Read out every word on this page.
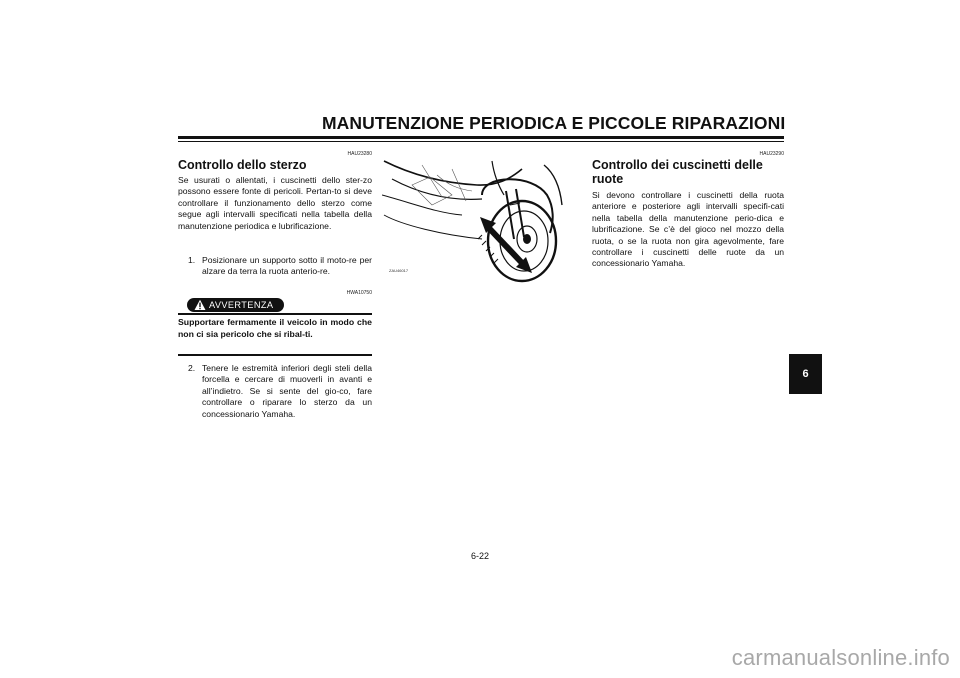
MANUTENZIONE PERIODICA E PICCOLE RIPARAZIONI
HAU23280
Controllo dello sterzo
Se usurati o allentati, i cuscinetti dello ster-zo possono essere fonte di pericoli. Pertan-to si deve controllare il funzionamento dello sterzo come segue agli intervalli specificati nella tabella della manutenzione periodica e lubrificazione.
1. Posizionare un supporto sotto il moto-re per alzare da terra la ruota anterio-re.
HWA10750
AVVERTENZA
Supportare fermamente il veicolo in modo che non ci sia pericolo che si ribal-ti.
2. Tenere le estremità inferiori degli steli della forcella e cercare di muoverli in avanti e all’indietro. Se si sente del gio-co, fare controllare o riparare lo sterzo da un concessionario Yamaha.
ZAU46017
HAU23290
Controllo dei cuscinetti delle ruote
Si devono controllare i cuscinetti della ruota anteriore e posteriore agli intervalli specifi-cati nella tabella della manutenzione perio-dica e lubrificazione. Se c’è del gioco nel mozzo della ruota, o se la ruota non gira agevolmente, fare controllare i cuscinetti delle ruote da un concessionario Yamaha.
6
6-22
carmanualsonline.info
